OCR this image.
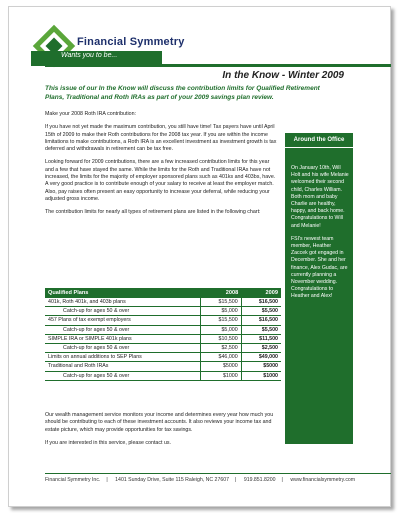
Financial Symmetry
Wants you to be...
In the Know - Winter 2009
This issue of our In the Know will discuss the contribution limits for Qualified Retirement Plans, Traditional and Roth IRAs as part of your 2009 savings plan review.

Make your 2008 Roth IRA contribution:

If you have not yet made the maximum contribution, you still have time! Tax payers have until April 15th of 2009 to make their Roth contributions for the 2008 tax year. If you are within the income limitations to make contributions, a Roth IRA is an excellent investment as investment growth is tax deferred and withdrawals in retirement can be tax free.

Looking forward for 2009 contributions, there are a few increased contribution limits for this year and a few that have stayed the same. While the limits for the Roth and Traditional IRAs have not increased, the limits for the majority of employer sponsored plans such as 401ks and 403bs, have. A very good practice is to contribute enough of your salary to receive at least the employer match. Also, pay raises often present an easy opportunity to increase your deferral, while reducing your adjusted gross income.

The contribution limits for nearly all types of retirement plans are listed in the following chart:

Qualified Plans	2008	2009
401k, Roth 401k, and 403b plans	$15,500	$16,500
Catch-up for ages 50 & over	$5,000	$5,500
457 Plans of tax exempt employers	$15,500	$16,500
Catch-up for ages 50 & over	$5,000	$5,500
SIMPLE IRA or SIMPLE 401k plans	$10,500	$11,500
Catch-up for ages 50 & over	$2,500	$2,500
Limits on annual additions to SEP Plans	$46,000	$49,000
Traditional and Roth IRAs	$5000	$5000
Catch-up for ages 50 & over	$1000	$1000

Our wealth management service monitors your income and determines every year how much you should be contributing to each of these investment accounts. It also reviews your income tax and estate picture, which may provide opportunities for tax savings.

If you are interested in this service, please contact us.

Around the Office

On January 10th, Will Holt and his wife Melanie welcomed their second child, Charles William. Both mom and baby Charlie are healthy, happy, and back home. Congratulations to Will and Melanie!

FSI's newest team member, Heather Zaccek got engaged in December. She and her finance, Alex Gudac, are currently planning a November wedding. Congratulations to Heather and Alex!

Financial Symmetry Inc. | 1401 Sunday Drive, Suite 115 Raleigh, NC 27607 | 919.851.8200 | www.financialsymmetry.com
